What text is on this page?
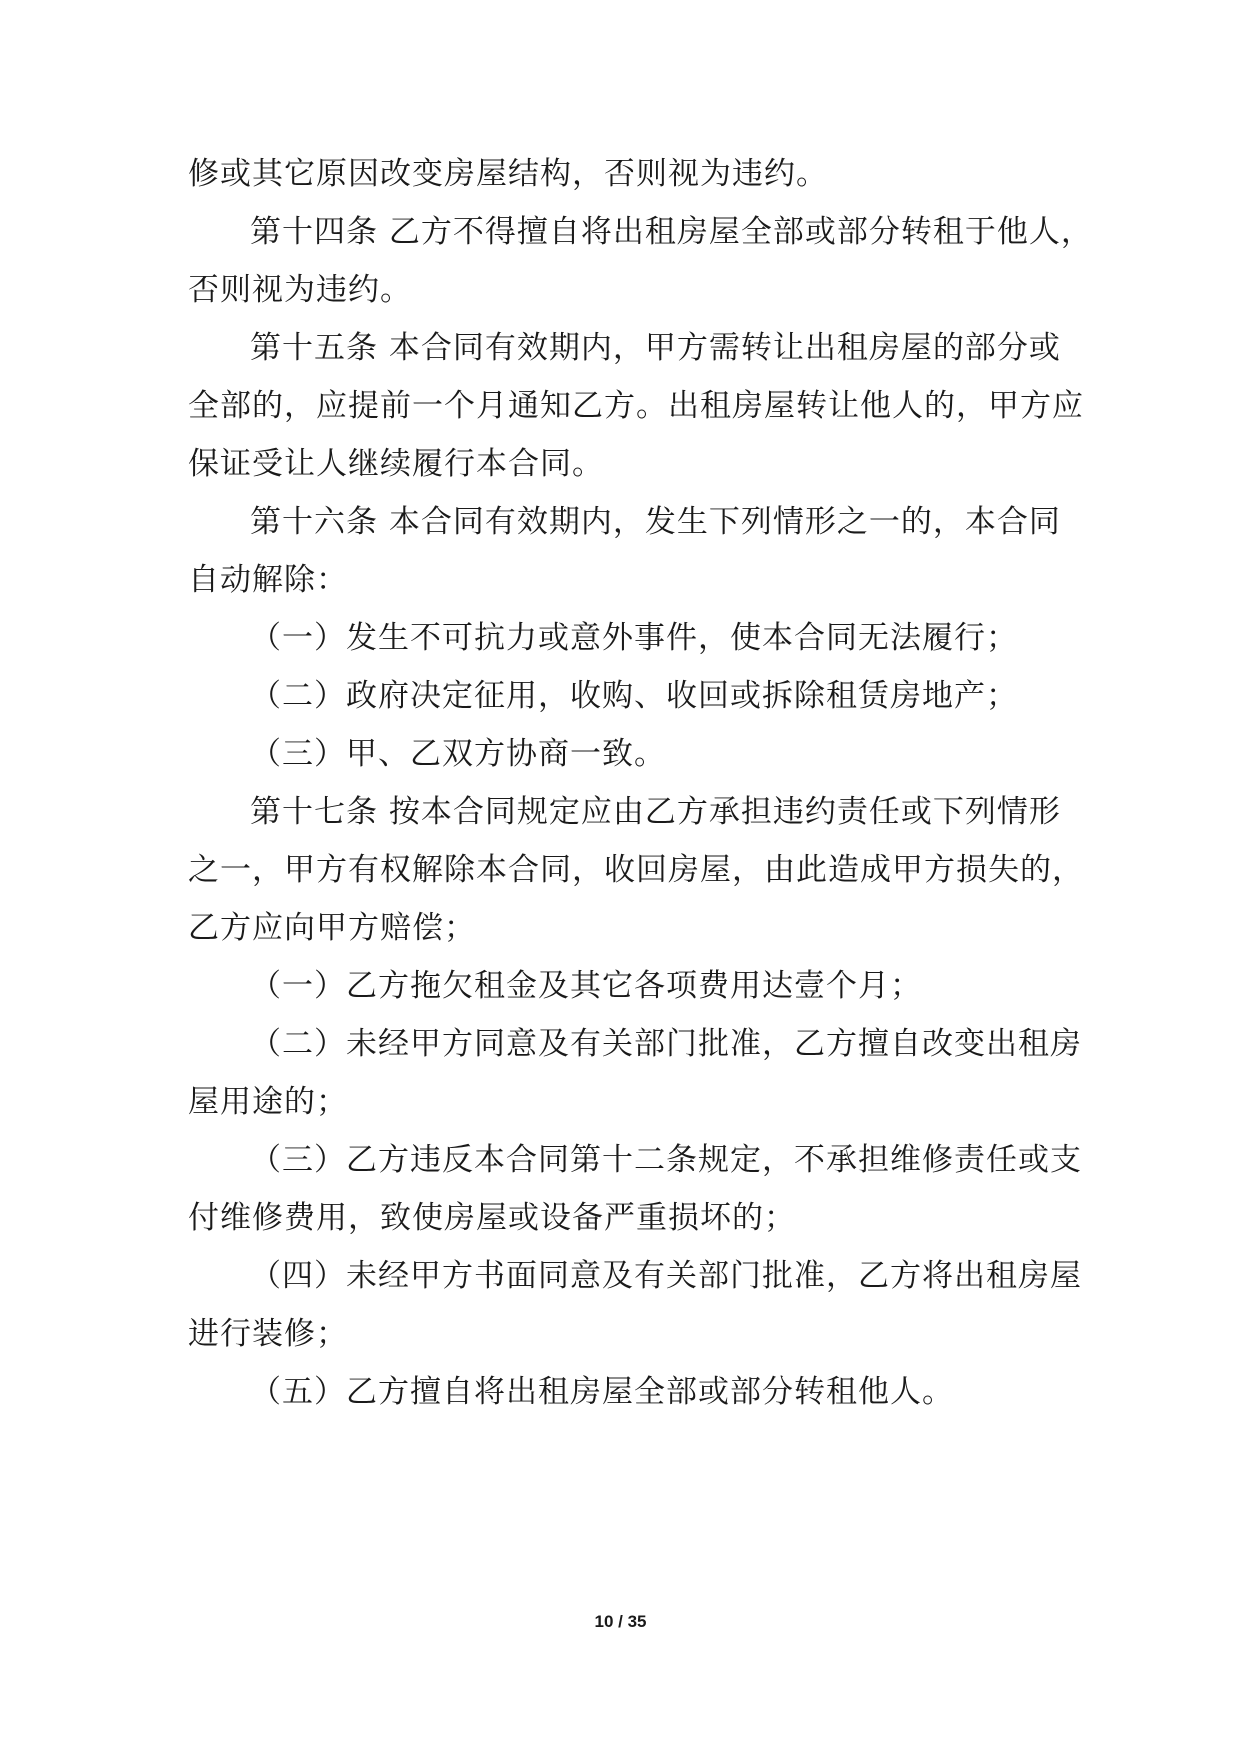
修或其它原因改变房屋结构，否则视为违约。
第十四条 乙方不得擅自将出租房屋全部或部分转租于他人，
否则视为违约。
第十五条 本合同有效期内，甲方需转让出租房屋的部分或
全部的，应提前一个月通知乙方。出租房屋转让他人的，甲方应
保证受让人继续履行本合同。
第十六条 本合同有效期内，发生下列情形之一的，本合同
自动解除：
（一）发生不可抗力或意外事件，使本合同无法履行；
（二）政府决定征用，收购、收回或拆除租赁房地产；
（三）甲、乙双方协商一致。
第十七条 按本合同规定应由乙方承担违约责任或下列情形
之一，甲方有权解除本合同，收回房屋，由此造成甲方损失的，
乙方应向甲方赔偿；
（一）乙方拖欠租金及其它各项费用达壹个月；
（二）未经甲方同意及有关部门批准，乙方擅自改变出租房
屋用途的；
（三）乙方违反本合同第十二条规定，不承担维修责任或支
付维修费用，致使房屋或设备严重损坏的；
（四）未经甲方书面同意及有关部门批准，乙方将出租房屋
进行装修；
（五）乙方擅自将出租房屋全部或部分转租他人。
10 / 35
